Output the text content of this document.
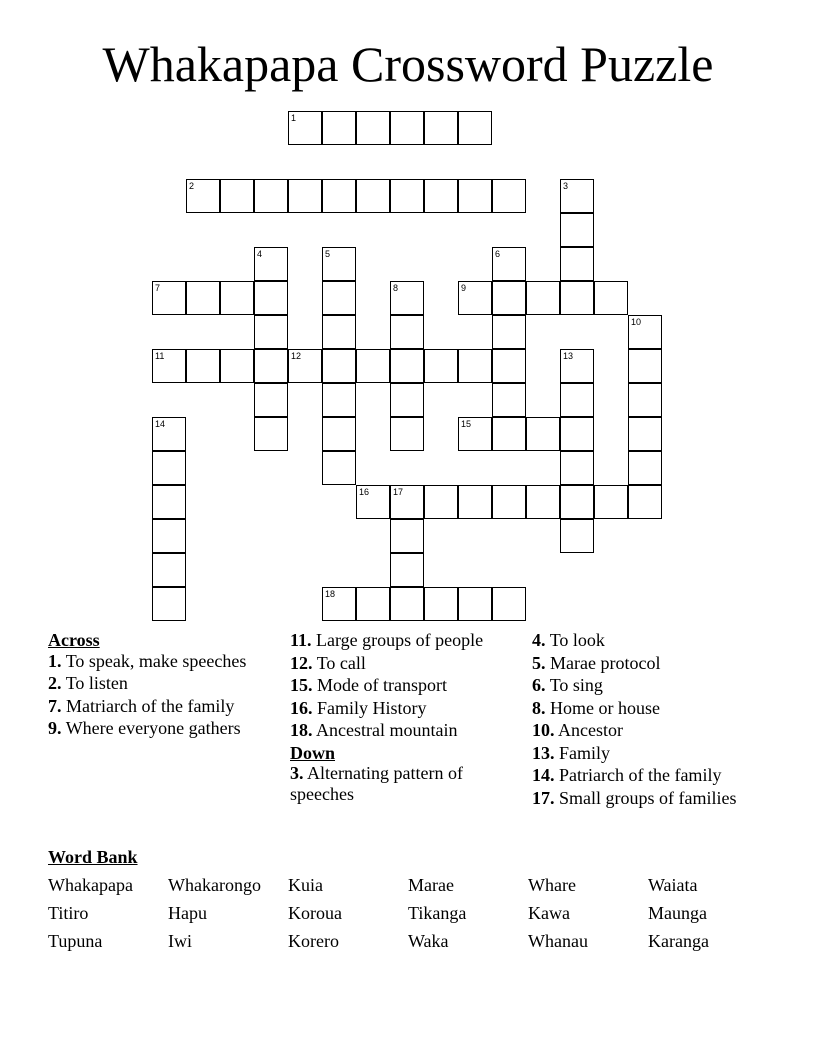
Whakapapa Crossword Puzzle
1
2	3
4	5	6
7	8	9
10
11	12	13
14	15
16	17
18

Across

1. To speak, make speeches

2. To listen

7. Matriarch of the family

9. Where everyone gathers

11. Large groups of people

12. To call

15. Mode of transport

16. Family History

18. Ancestral mountain

Down

3. Alternating pattern of speeches

4. To look

5. Marae protocol

6. To sing

8. Home or house

10. Ancestor

13. Family

14. Patriarch of the family

17. Small groups of families

Word Bank

Whakapapa	Whakarongo	Kuia	Marae	Whare	Waiata
Titiro	Hapu	Koroua	Tikanga	Kawa	Maunga
Tupuna	Iwi	Korero	Waka	Whanau	Karanga
